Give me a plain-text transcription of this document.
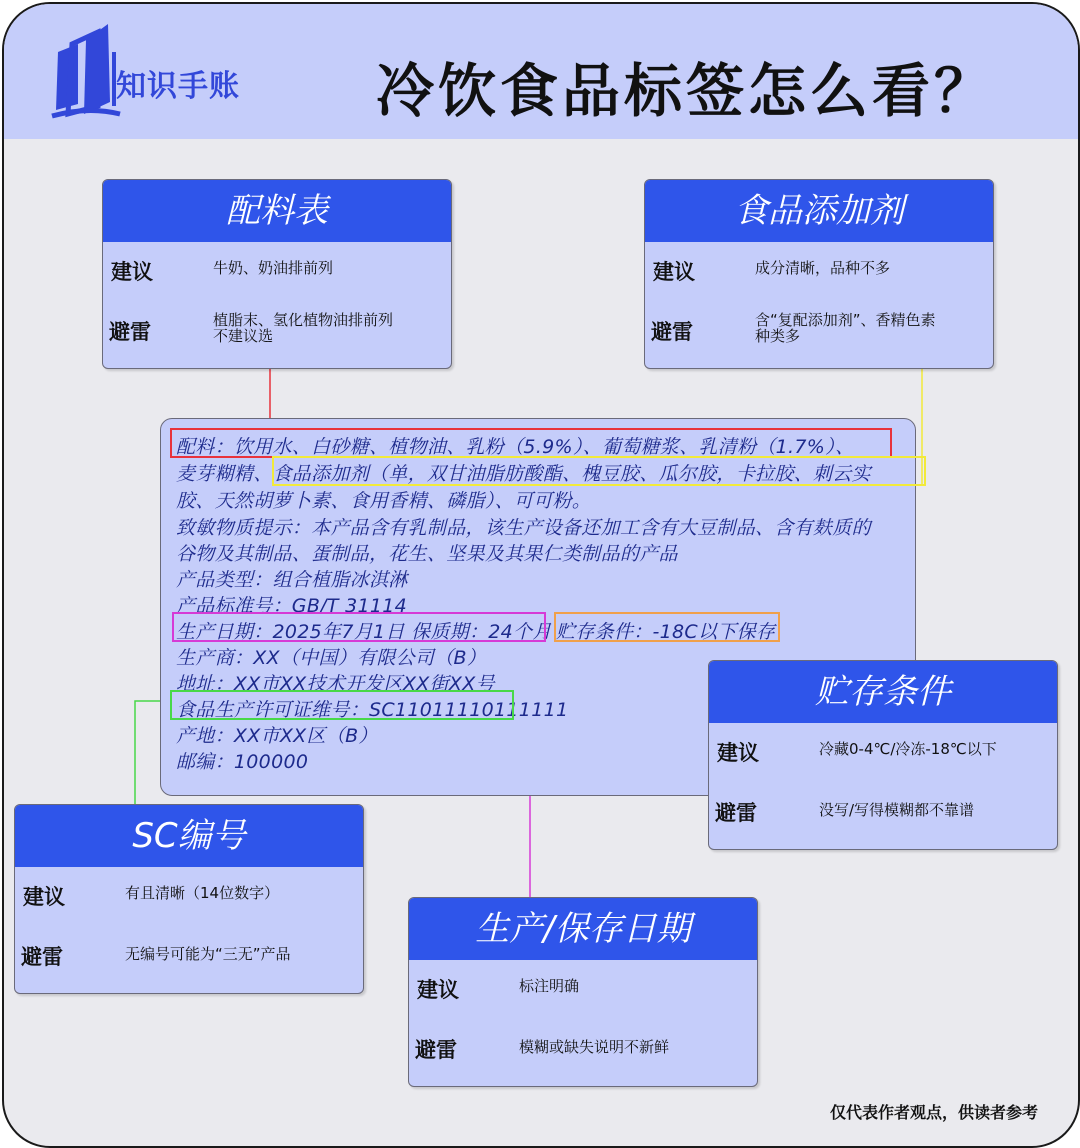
知识手账 冷饮食品标签怎么看？
配料：饮用水、白砂糖、植物油、乳粉（5.9%）、葡萄糖浆、乳清粉（1.7%）、
麦芽糊精、食品添加剂（单，双甘油脂肪酸酯、槐豆胶、瓜尔胶，卡拉胶、刺云实
胶、天然胡萝卜素、食用香精、磷脂）、可可粉。
致敏物质提示：本产品含有乳制品，该生产设备还加工含有大豆制品、含有麸质的
谷物及其制品、蛋制品，花生、坚果及其果仁类制品的产品
产品类型：组合植脂冰淇淋
产品标准号：GB/T 31114
生产日期：2025年7月1日 保质期：24个月 贮存条件：-18C以下保存
生产商：XX（中国）有限公司（B）
地址：XX市XX技术开发区XX街XX号
食品生产许可证维号：SC11011110111111
产地：XX市XX区（B）
邮编：100000
配料表
建议	牛奶、奶油排前列
避雷	植脂末、氢化植物油排前列
不建议选
食品添加剂
建议	成分清晰，品种不多
避雷	含“复配添加剂”、香精色素
种类多
贮存条件
建议	冷藏0-4℃/冷冻-18℃以下
避雷	没写/写得模糊都不靠谱
SC编号
建议	有且清晰（14位数字）
避雷	无编号可能为“三无”产品
生产/保存日期
建议	标注明确
避雷	模糊或缺失说明不新鲜
仅代表作者观点，供读者参考
